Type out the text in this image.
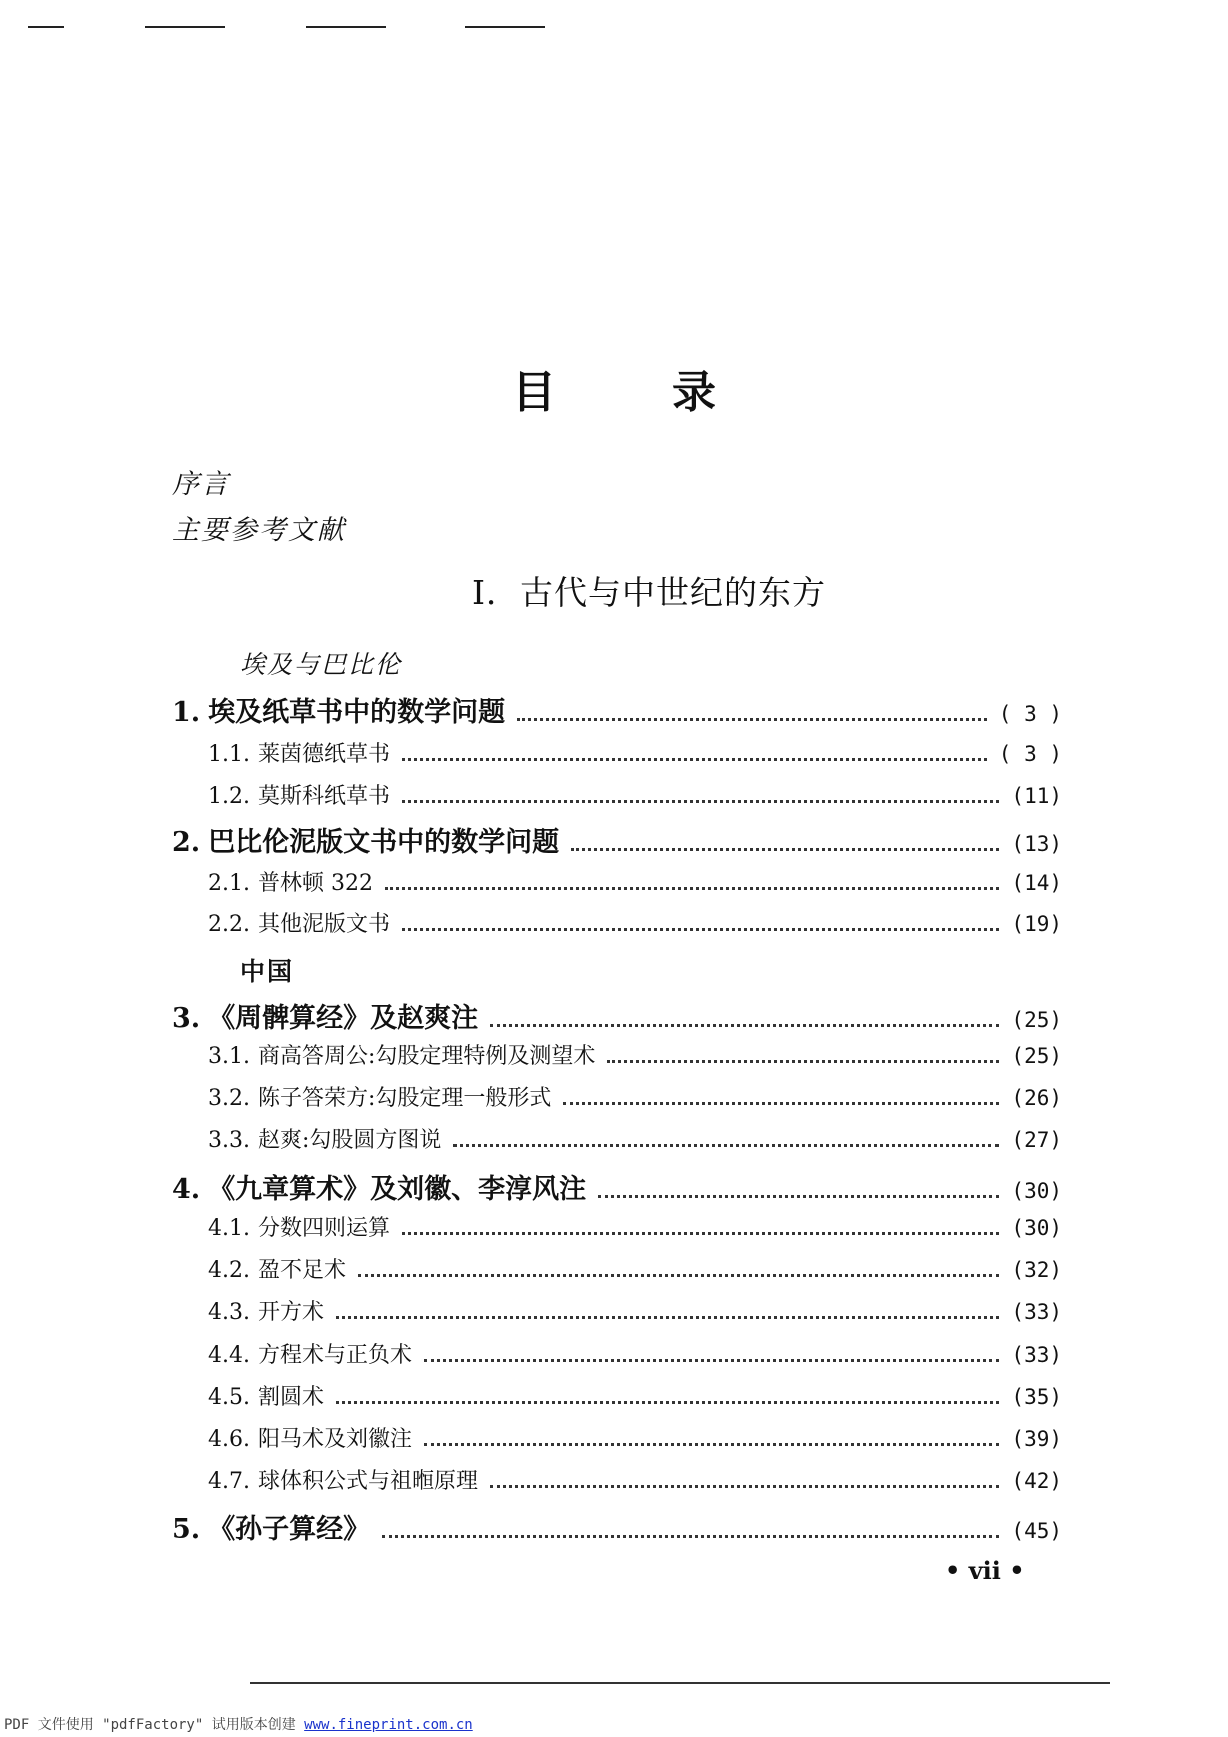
目	录
序言
主要参考文献
I．古代与中世纪的东方
埃及与巴比伦
中国
1. 埃及纸草书中的数学问题	( 3 )
1.1. 莱茵德纸草书	( 3 )
1.2. 莫斯科纸草书	(11)
2. 巴比伦泥版文书中的数学问题	(13)
2.1. 普林顿 322	(14)
2.2. 其他泥版文书	(19)
3. 《周髀算经》及赵爽注	(25)
3.1. 商高答周公:勾股定理特例及测望术	(25)
3.2. 陈子答荣方:勾股定理一般形式	(26)
3.3. 赵爽:勾股圆方图说	(27)
4. 《九章算术》及刘徽、李淳风注	(30)
4.1. 分数四则运算	(30)
4.2. 盈不足术	(32)
4.3. 开方术	(33)
4.4. 方程术与正负术	(33)
4.5. 割圆术	(35)
4.6. 阳马术及刘徽注	(39)
4.7. 球体积公式与祖暅原理	(42)
5. 《孙子算经》	(45)
• vii •
PDF 文件使用 "pdfFactory" 试用版本创建 www.fineprint.com.cn
